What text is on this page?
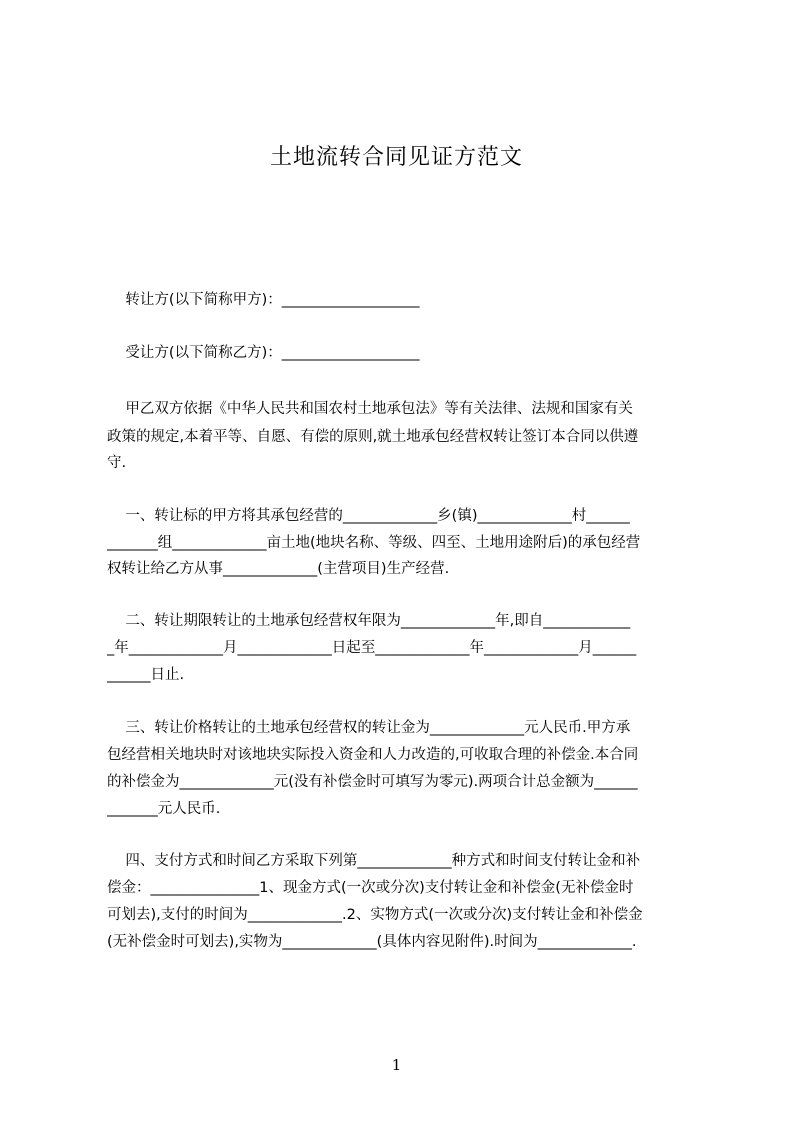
土地流转合同见证方范文
转让方(以下简称甲方)：___________________
受让方(以下简称乙方)：___________________
甲乙双方依据《中华人民共和国农村土地承包法》等有关法律、法规和国家有关
政策的规定,本着平等、自愿、有偿的原则,就土地承包经营权转让签订本合同以供遵
守.
一、转让标的甲方将其承包经营的_____________乡(镇)_____________村______
_______组_____________亩土地(地块名称、等级、四至、土地用途附后)的承包经营
权转让给乙方从事_____________(主营项目)生产经营.
二、转让期限转让的土地承包经营权年限为_____________年,即自____________
_年_____________月_____________日起至_____________年_____________月______
______日止.
三、转让价格转让的土地承包经营权的转让金为_____________元人民币.甲方承
包经营相关地块时对该地块实际投入资金和人力改造的,可收取合理的补偿金.本合同
的补偿金为_____________元(没有补偿金时可填写为零元).两项合计总金额为______
_______元人民币.
四、支付方式和时间乙方采取下列第_____________种方式和时间支付转让金和补
偿金：_______________1、现金方式(一次或分次)支付转让金和补偿金(无补偿金时
可划去),支付的时间为_____________.2、实物方式(一次或分次)支付转让金和补偿金
(无补偿金时可划去),实物为_____________(具体内容见附件).时间为_____________.
1
